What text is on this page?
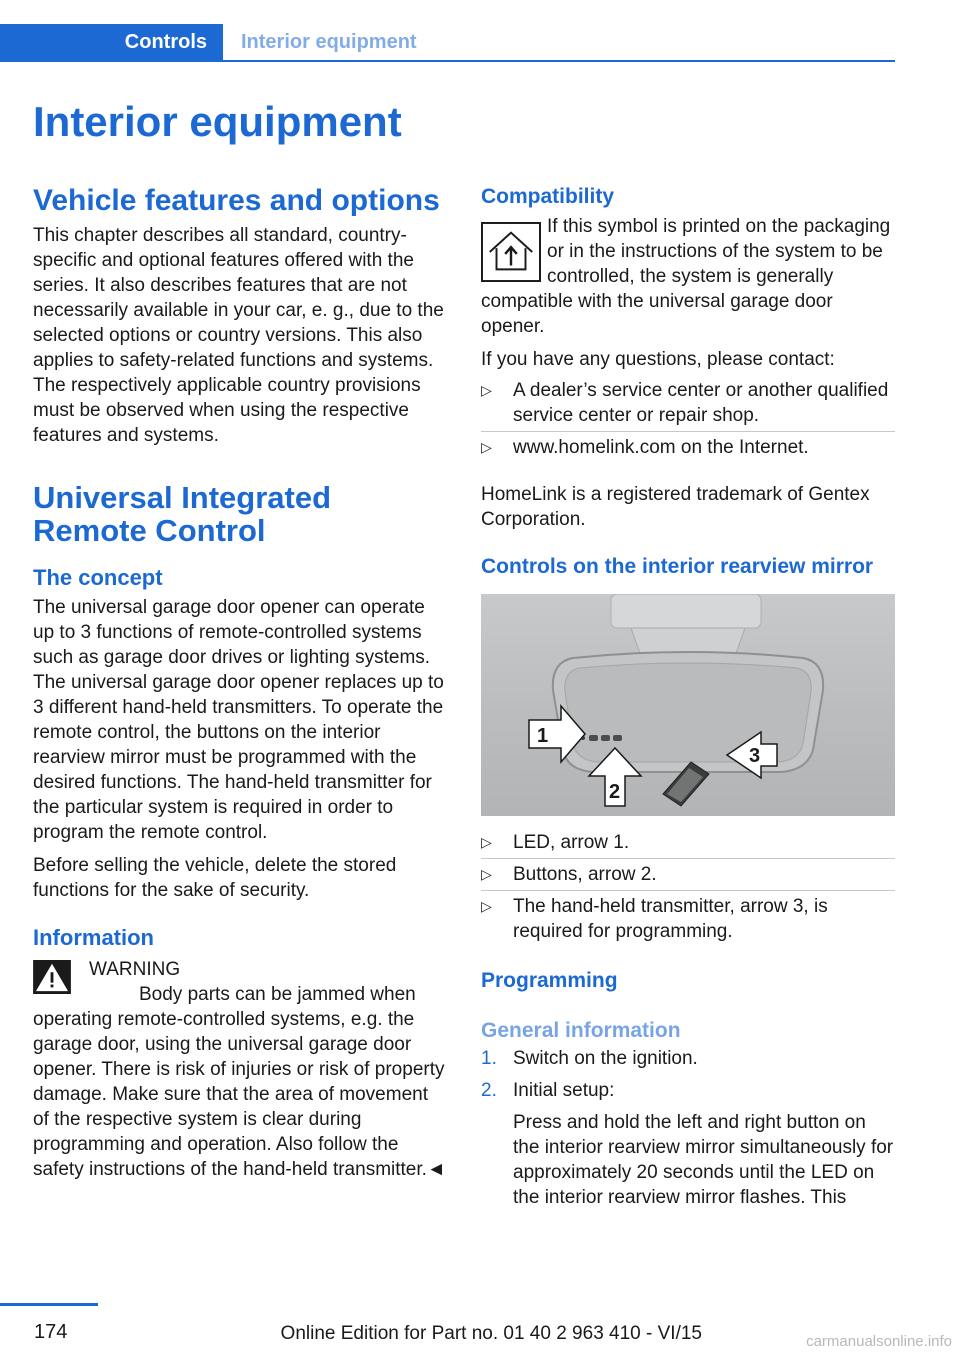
Controls Interior equipment
Interior equipment
Vehicle features and options

This chapter describes all standard, country-specific and optional features offered with the series. It also describes features that are not necessarily available in your car, e. g., due to the selected options or country versions. This also applies to safety-related functions and systems. The respectively applicable country provisions must be observed when using the respective features and systems.

Universal Integrated Remote Control
The concept

The universal garage door opener can operate up to 3 functions of remote-controlled systems such as garage door drives or lighting systems. The universal garage door opener replaces up to 3 different hand-held transmitters. To operate the remote control, the buttons on the interior rearview mirror must be programmed with the desired functions. The hand-held transmitter for the particular system is required in order to program the remote control.

Before selling the vehicle, delete the stored functions for the sake of security.

Information

WARNING

Body parts can be jammed when operating remote-controlled systems, e.g. the garage door, using the universal garage door opener. There is risk of injuries or risk of property damage. Make sure that the area of movement of the respective system is clear during programming and operation. Also follow the safety instructions of the hand-held transmitter.◄

Compatibility

If this symbol is printed on the packaging or in the instructions of the system to be controlled, the system is generally compatible with the universal garage door opener.

If you have any questions, please contact:

▷ A dealer’s service center or another qualified service center or repair shop.
▷ www.homelink.com on the Internet.

HomeLink is a registered trademark of Gentex Corporation.

Controls on the interior rearview mirror
1
2
3
▷ LED, arrow 1.
▷ Buttons, arrow 2.
▷ The hand-held transmitter, arrow 3, is required for programming.
Programming
General information
1. Switch on the ignition.
2. Initial setup:

Press and hold the left and right button on the interior rearview mirror simultaneously for approximately 20 seconds until the LED on the interior rearview mirror flashes. This

174	Online Edition for Part no. 01 40 2 963 410 - VI/15	carmanualsonline.info
